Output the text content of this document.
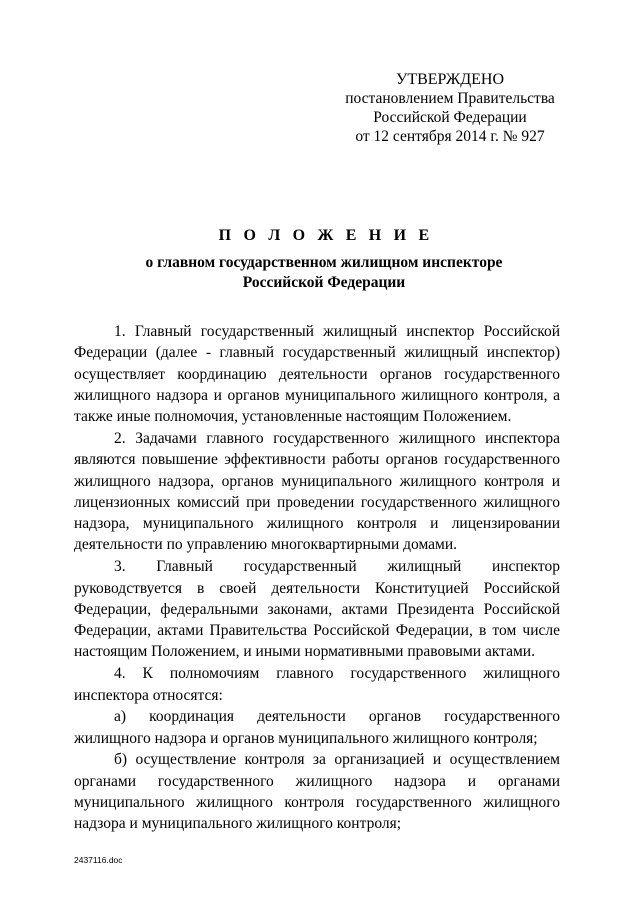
УТВЕРЖДЕНО
постановлением Правительства
Российской Федерации
от 12 сентября 2014 г. № 927
П О Л О Ж Е Н И Е
о главном государственном жилищном инспекторе
Российской Федерации

1. Главный государственный жилищный инспектор Российской Федерации (далее - главный государственный жилищный инспектор) осуществляет координацию деятельности органов государственного жилищного надзора и органов муниципального жилищного контроля, а также иные полномочия, установленные настоящим Положением.

2. Задачами главного государственного жилищного инспектора являются повышение эффективности работы органов государственного жилищного надзора, органов муниципального жилищного контроля и лицензионных комиссий при проведении государственного жилищного надзора, муниципального жилищного контроля и лицензировании деятельности по управлению многоквартирными домами.

3. Главный государственный жилищный инспектор руководствуется в своей деятельности Конституцией Российской Федерации, федеральными законами, актами Президента Российской Федерации, актами Правительства Российской Федерации, в том числе настоящим Положением, и иными нормативными правовыми актами.

4. К полномочиям главного государственного жилищного инспектора относятся:

а) координация деятельности органов государственного жилищного надзора и органов муниципального жилищного контроля;

б) осуществление контроля за организацией и осуществлением органами государственного жилищного надзора и органами муниципального жилищного контроля государственного жилищного надзора и муниципального жилищного контроля;

2437116.doc
